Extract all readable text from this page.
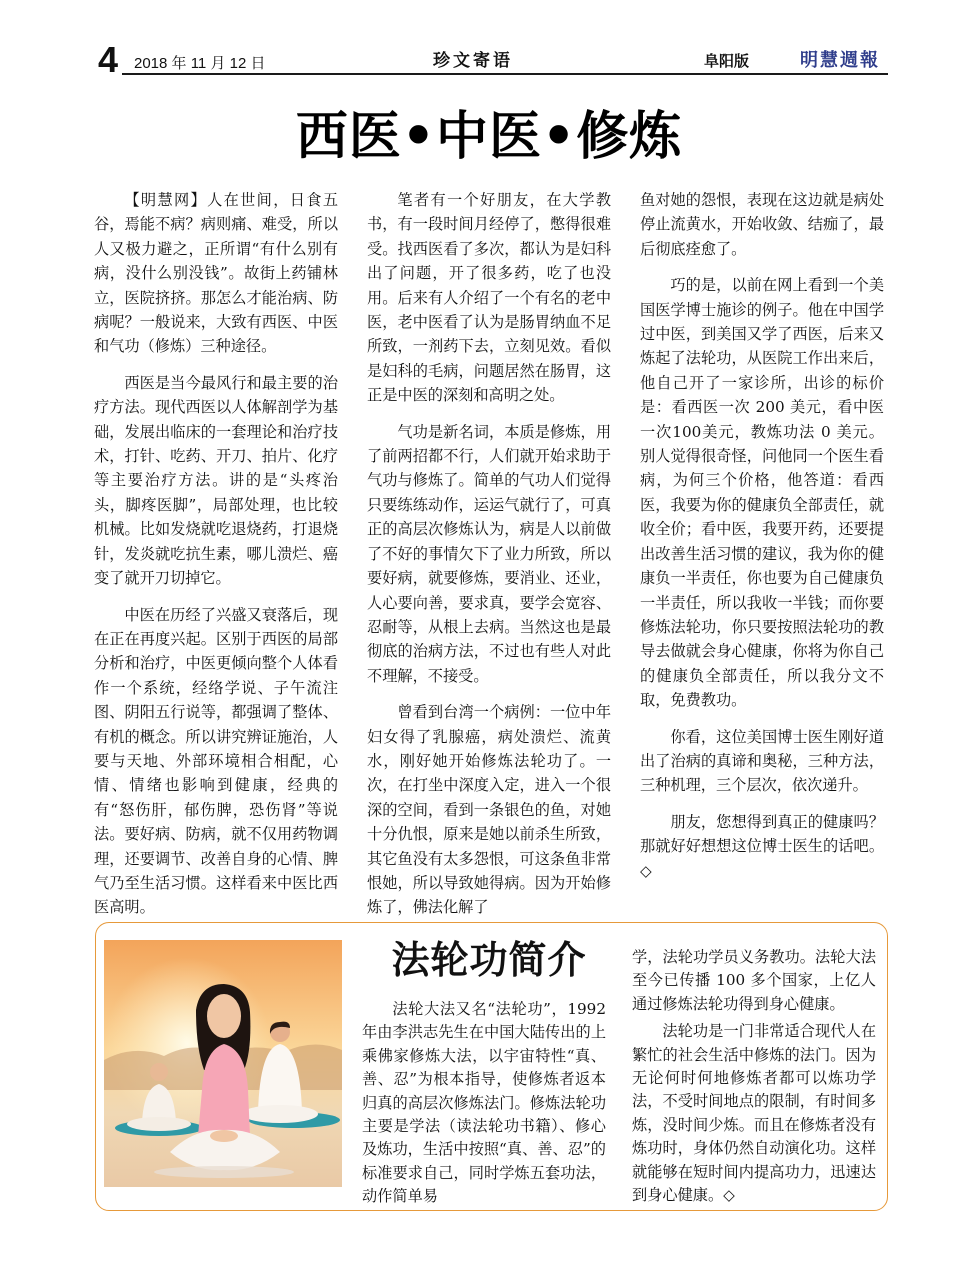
4 2018 年 11 月 12 日	珍文寄语	阜阳版	明慧週報
西医•中医•修炼

【明慧网】人在世间，日食五谷，焉能不病？病则痛、难受，所以人又极力避之，正所谓“有什么别有病，没什么别没钱”。故街上药铺林立，医院挤挤。那怎么才能治病、防病呢？一般说来，大致有西医、中医和气功（修炼）三种途径。

西医是当今最风行和最主要的治疗方法。现代西医以人体解剖学为基础，发展出临床的一套理论和治疗技术，打针、吃药、开刀、拍片、化疗等主要治疗方法。讲的是“头疼治头，脚疼医脚”，局部处理，也比较机械。比如发烧就吃退烧药，打退烧针，发炎就吃抗生素，哪儿溃烂、癌变了就开刀切掉它。

中医在历经了兴盛又衰落后，现在正在再度兴起。区别于西医的局部分析和治疗，中医更倾向整个人体看作一个系统，经络学说、子午流注图、阴阳五行说等，都强调了整体、有机的概念。所以讲究辨证施治，人要与天地、外部环境相合相配，心情、情绪也影响到健康，经典的有“怒伤肝，郁伤脾，恐伤肾”等说法。要好病、防病，就不仅用药物调理，还要调节、改善自身的心情、脾气乃至生活习惯。这样看来中医比西医高明。

笔者有一个好朋友，在大学教书，有一段时间月经停了，憋得很难受。找西医看了多次，都认为是妇科出了问题，开了很多药，吃了也没用。后来有人介绍了一个有名的老中医，老中医看了认为是肠胃纳血不足所致，一剂药下去，立刻见效。看似是妇科的毛病，问题居然在肠胃，这正是中医的深刻和高明之处。

气功是新名词，本质是修炼，用了前两招都不行，人们就开始求助于气功与修炼了。简单的气功人们觉得只要练练动作，运运气就行了，可真正的高层次修炼认为，病是人以前做了不好的事情欠下了业力所致，所以要好病，就要修炼，要消业、还业，人心要向善，要求真，要学会宽容、忍耐等，从根上去病。当然这也是最彻底的治病方法，不过也有些人对此不理解，不接受。

曾看到台湾一个病例：一位中年妇女得了乳腺癌，病处溃烂、流黄水，刚好她开始修炼法轮功了。一次，在打坐中深度入定，进入一个很深的空间，看到一条银色的鱼，对她十分仇恨，原来是她以前杀生所致，其它鱼没有太多怨恨，可这条鱼非常恨她，所以导致她得病。因为开始修炼了，佛法化解了

鱼对她的怨恨，表现在这边就是病处停止流黄水，开始收敛、结痂了，最后彻底痊愈了。

巧的是，以前在网上看到一个美国医学博士施诊的例子。他在中国学过中医，到美国又学了西医，后来又炼起了法轮功，从医院工作出来后，他自己开了一家诊所，出诊的标价是：看西医一次 200 美元，看中医一次100美元，教炼功法 0 美元。别人觉得很奇怪，问他同一个医生看病，为何三个价格，他答道：看西医，我要为你的健康负全部责任，就收全价；看中医，我要开药，还要提出改善生活习惯的建议，我为你的健康负一半责任，你也要为自己健康负一半责任，所以我收一半钱；而你要修炼法轮功，你只要按照法轮功的教导去做就会身心健康，你将为你自己的健康负全部责任，所以我分文不取，免费教功。

你看，这位美国博士医生刚好道出了治病的真谛和奥秘，三种方法，三种机理，三个层次，依次递升。

朋友，您想得到真正的健康吗？那就好好想想这位博士医生的话吧。◇

法轮功简介

法轮大法又名“法轮功”，1992年由李洪志先生在中国大陆传出的上乘佛家修炼大法，以宇宙特性“真、善、忍”为根本指导，使修炼者返本归真的高层次修炼法门。修炼法轮功主要是学法（读法轮功书籍）、修心及炼功，生活中按照“真、善、忍”的标准要求自己，同时学炼五套功法，动作简单易

学，法轮功学员义务教功。法轮大法至今已传播 100 多个国家，上亿人通过修炼法轮功得到身心健康。

法轮功是一门非常适合现代人在繁忙的社会生活中修炼的法门。因为无论何时何地修炼者都可以炼功学法，不受时间地点的限制，有时间多炼，没时间少炼。而且在修炼者没有炼功时，身体仍然自动演化功。这样就能够在短时间内提高功力，迅速达到身心健康。◇
